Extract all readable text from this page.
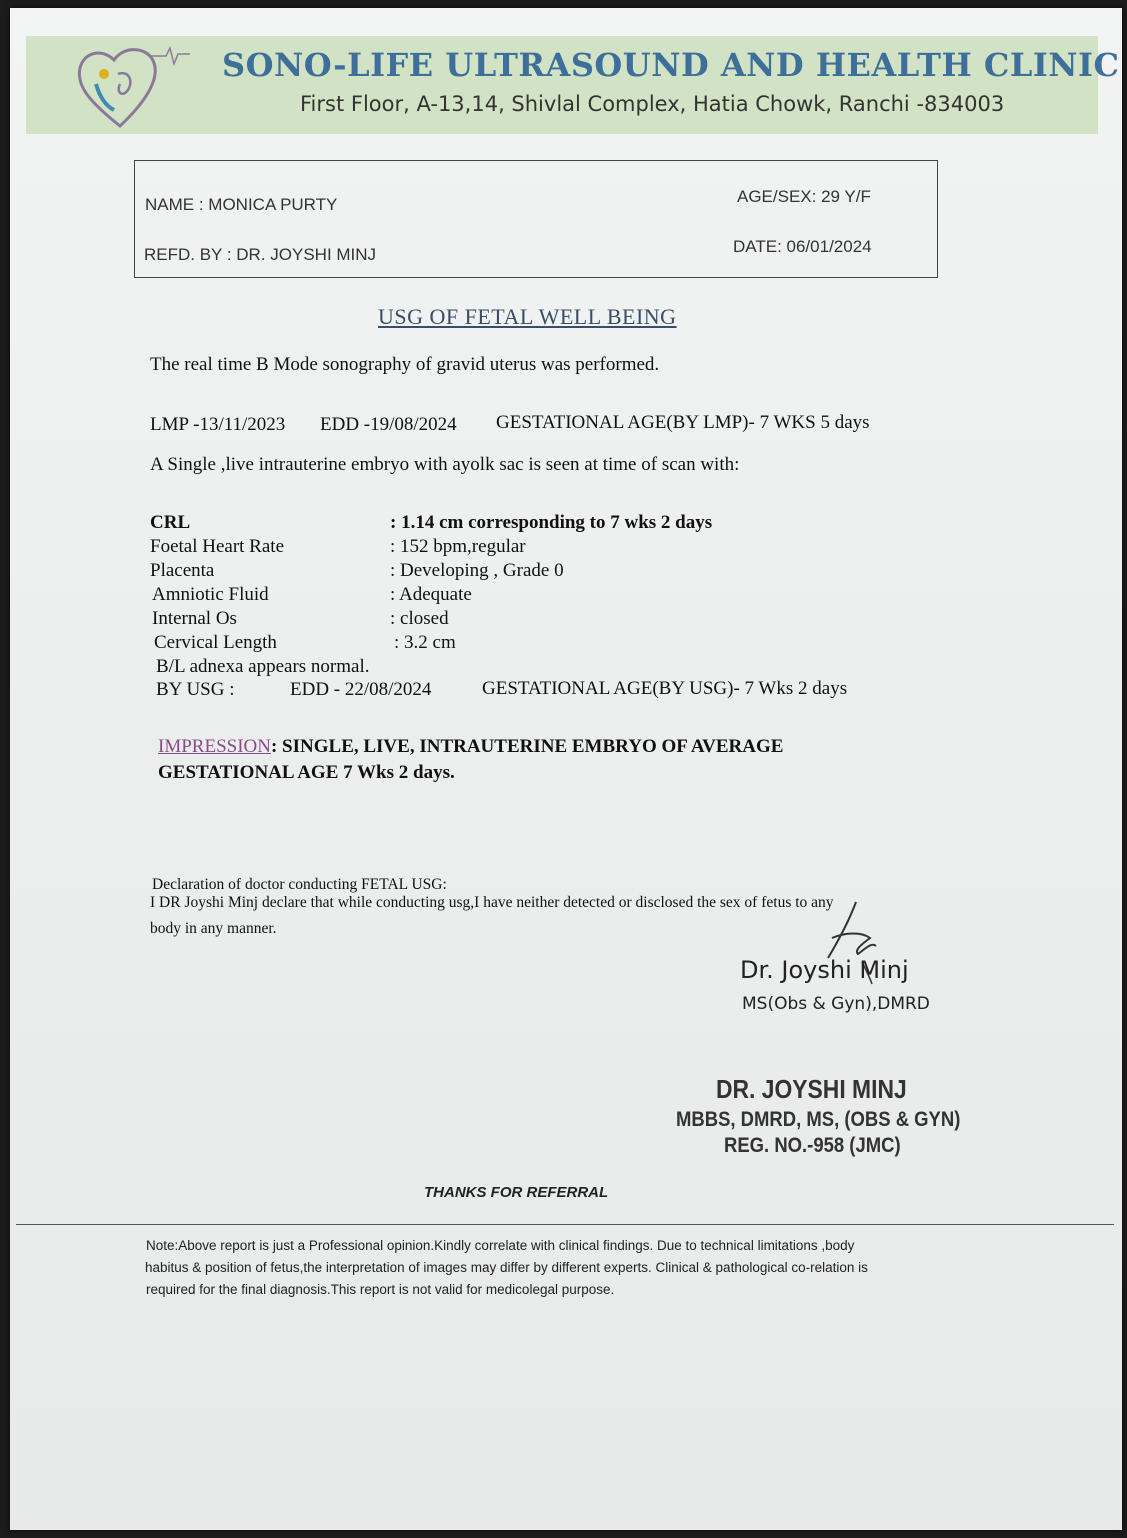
SONO-LIFE ULTRASOUND AND HEALTH CLINIC
First Floor, A-13,14, Shivlal Complex, Hatia Chowk, Ranchi -834003
NAME : MONICA PURTY	AGE/SEX: 29 Y/F
REFD. BY : DR. JOYSHI MINJ	DATE: 06/01/2024
USG OF FETAL WELL BEING
The real time B Mode sonography of gravid uterus was performed.
LMP -13/11/2023 EDD -19/08/2024 GESTATIONAL AGE(BY LMP)- 7 WKS 5 days
A Single ,live intrauterine embryo with ayolk sac is seen at time of scan with:
CRL	: 1.14 cm corresponding to 7 wks 2 days
Foetal Heart Rate	: 152 bpm,regular
Placenta	: Developing , Grade 0
Amniotic Fluid	: Adequate
Internal Os	: closed
Cervical Length	: 3.2 cm
B/L adnexa appears normal.
BY USG :	EDD - 22/08/2024	GESTATIONAL AGE(BY USG)- 7 Wks 2 days
IMPRESSION: SINGLE, LIVE, INTRAUTERINE EMBRYO OF AVERAGE
GESTATIONAL AGE 7 Wks 2 days.
Declaration of doctor conducting FETAL USG:
I DR Joyshi Minj declare that while conducting usg,I have neither detected or disclosed the sex of fetus to any
body in any manner.
Dr. Joyshi Minj
MS(Obs & Gyn),DMRD
DR. JOYSHI MINJ
MBBS, DMRD, MS, (OBS & GYN)
REG. NO.-958 (JMC)
THANKS FOR REFERRAL
Note:Above report is just a Professional opinion.Kindly correlate with clinical findings. Due to technical limitations ,body
habitus & position of fetus,the interpretation of images may differ by different experts. Clinical & pathological co-relation is
required for the final diagnosis.This report is not valid for medicolegal purpose.
